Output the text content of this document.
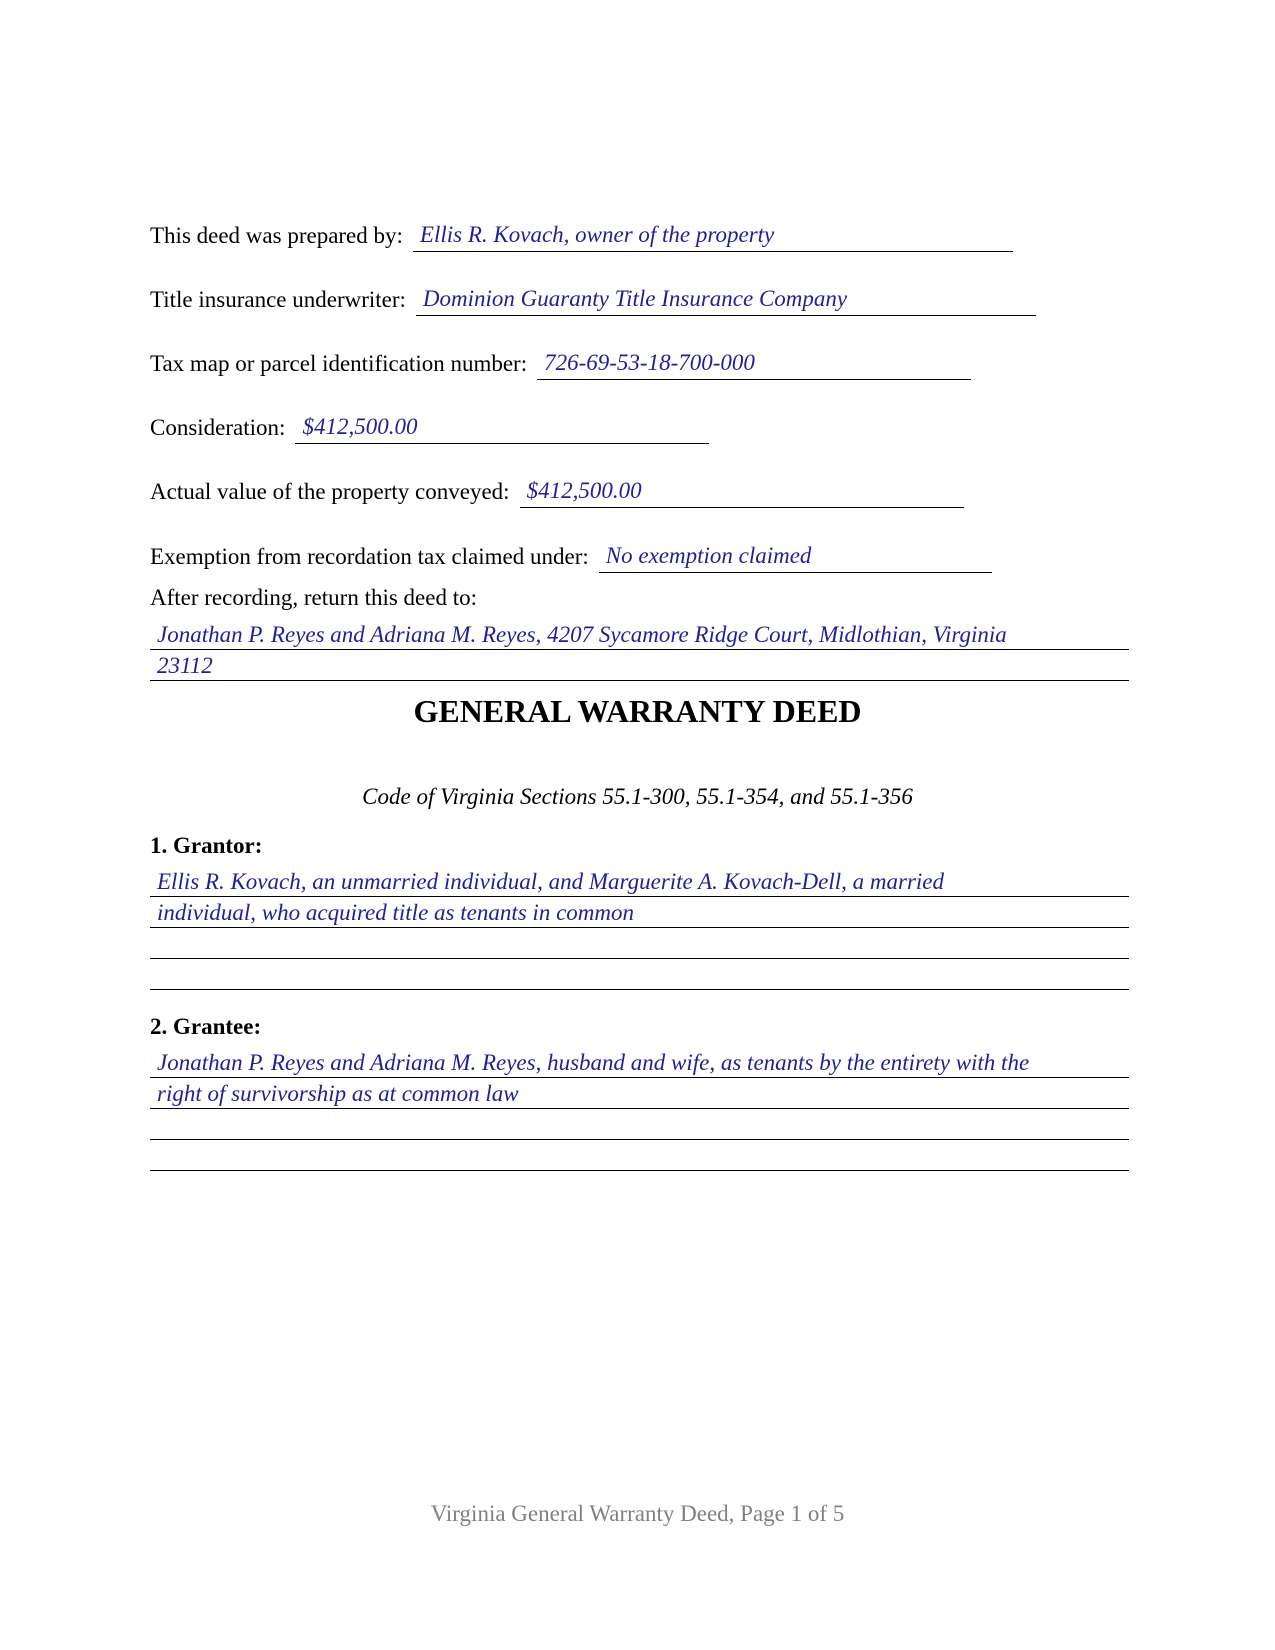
This deed was prepared by: Ellis R. Kovach, owner of the property
Title insurance underwriter: Dominion Guaranty Title Insurance Company
Tax map or parcel identification number: 726-69-53-18-700-000
Consideration: $412,500.00
Actual value of the property conveyed: $412,500.00
Exemption from recordation tax claimed under: No exemption claimed
After recording, return this deed to:
Jonathan P. Reyes and Adriana M. Reyes, 4207 Sycamore Ridge Court, Midlothian, Virginia
23112
GENERAL WARRANTY DEED
Code of Virginia Sections 55.1-300, 55.1-354, and 55.1-356
1. Grantor:
Ellis R. Kovach, an unmarried individual, and Marguerite A. Kovach-Dell, a married
individual, who acquired title as tenants in common
2. Grantee:
Jonathan P. Reyes and Adriana M. Reyes, husband and wife, as tenants by the entirety with the
right of survivorship as at common law
Virginia General Warranty Deed, Page 1 of 5
